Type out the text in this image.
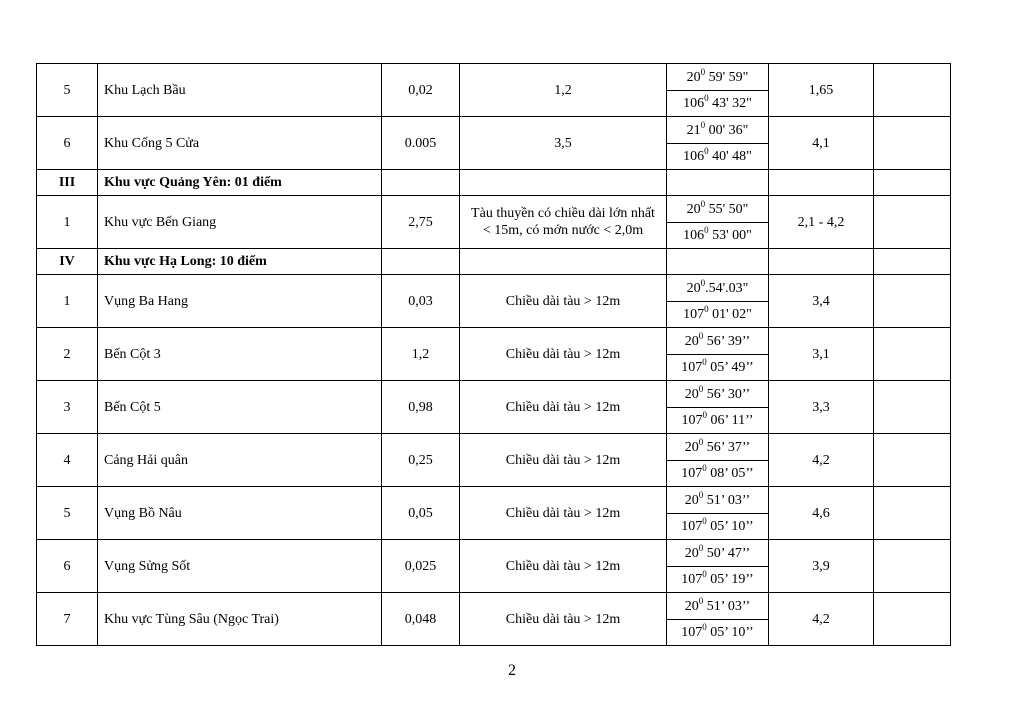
5	Khu Lạch Bầu	0,02	1,2	$20^0$ 59' 59"	1,65	
				$106^0$ 43' 32"		
6	Khu Cống 5 Cửa	0.005	3,5	$21^0$ 00' 36"	4,1	
				$106^0$ 40' 48"		
III	Khu vực Quảng Yên: 01 điểm					
1	Khu vực Bến Giang	2,75	Tàu thuyền có chiều dài lớn nhất < 15m, có mớn nước < 2,0m	$20^0$ 55' 50"	2,1 - 4,2	
				$106^0$ 53' 00"		
IV	Khu vực Hạ Long: 10 điểm					
1	Vụng Ba Hang	0,03	Chiều dài tàu > 12m	$20^0.54'.03$"	3,4	
				$107^0$ 01' 02"		
2	Bến Cột 3	1,2	Chiều dài tàu > 12m	$20^0$ 56’ 39’’	3,1	
				$107^0$ 05’ 49’’		
3	Bến Cột 5	0,98	Chiều dài tàu > 12m	$20^0$ 56’ 30’’	3,3	
				$107^0$ 06’ 11’’		
4	Cảng Hải quân	0,25	Chiều dài tàu > 12m	$20^0$ 56’ 37’’	4,2	
				$107^0$ 08’ 05’’		
5	Vụng Bồ Nâu	0,05	Chiều dài tàu > 12m	$20^0$ 51’ 03’’	4,6	
				$107^0$ 05’ 10’’		
6	Vụng Sửng Sốt	0,025	Chiều dài tàu > 12m	$20^0$ 50’ 47’’	3,9	
				$107^0$ 05’ 19’’		
7	Khu vực Tùng Sâu (Ngọc Trai)	0,048	Chiều dài tàu > 12m	$20^0$ 51’ 03’’	4,2	
				$107^0$ 05’ 10’’		
2
